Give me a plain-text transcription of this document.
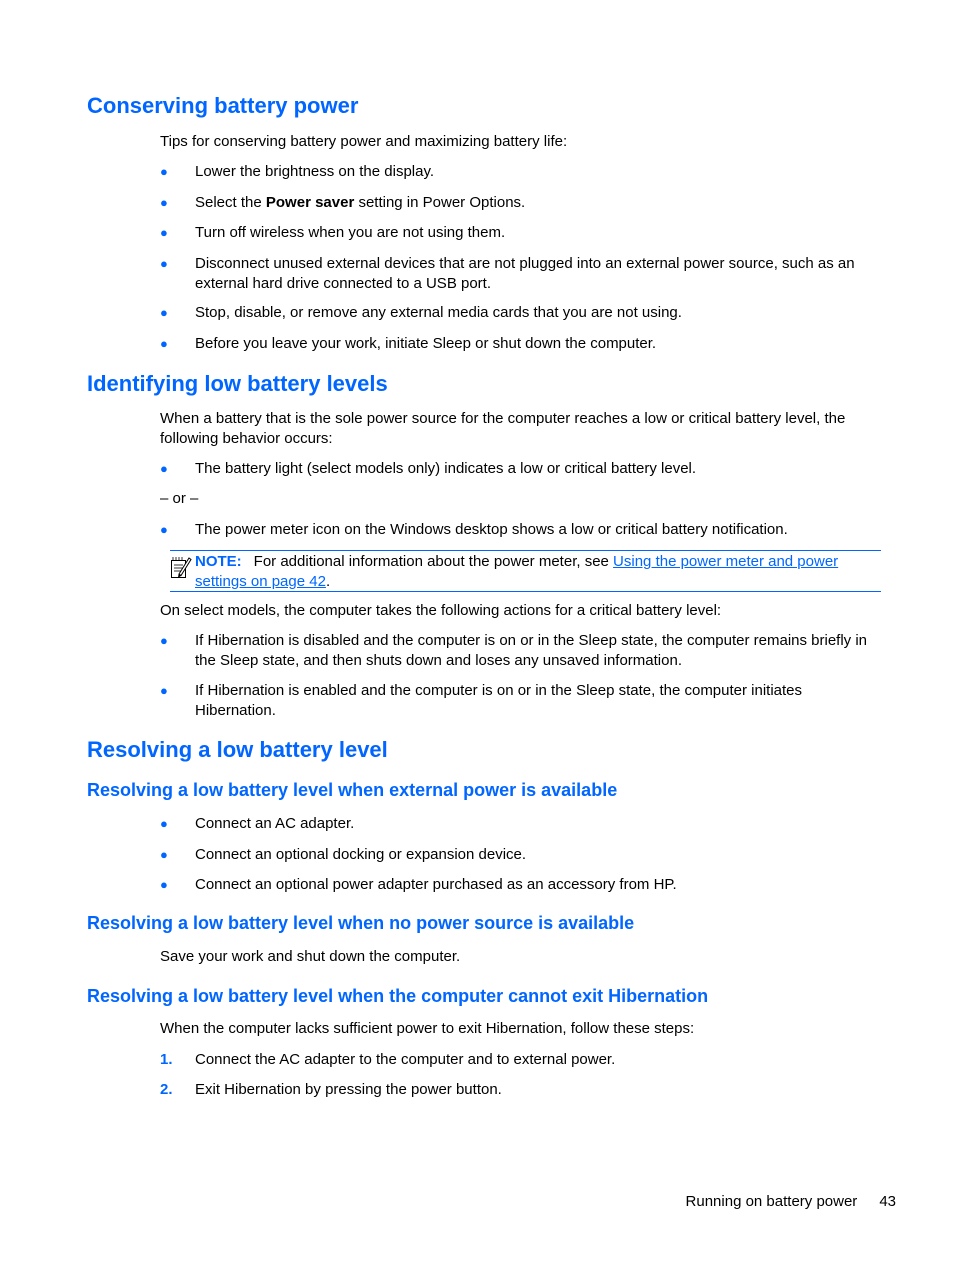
Conserving battery power

Tips for conserving battery power and maximizing battery life:

●	Lower the brightness on the display.
●	Select the Power saver setting in Power Options.
●	Turn off wireless when you are not using them.
●	Disconnect unused external devices that are not plugged into an external power source, such as an external hard drive connected to a USB port.
●	Stop, disable, or remove any external media cards that you are not using.
●	Before you leave your work, initiate Sleep or shut down the computer.
Identifying low battery levels

When a battery that is the sole power source for the computer reaches a low or critical battery level, the following behavior occurs:

●	The battery light (select models only) indicates a low or critical battery level.

– or –

●	The power meter icon on the Windows desktop shows a low or critical battery notification.
NOTE: For additional information about the power meter, see Using the power meter and power settings on page 42.

On select models, the computer takes the following actions for a critical battery level:

●	If Hibernation is disabled and the computer is on or in the Sleep state, the computer remains briefly in the Sleep state, and then shuts down and loses any unsaved information.
●	If Hibernation is enabled and the computer is on or in the Sleep state, the computer initiates Hibernation.
Resolving a low battery level
Resolving a low battery level when external power is available
●	Connect an AC adapter.
●	Connect an optional docking or expansion device.
●	Connect an optional power adapter purchased as an accessory from HP.
Resolving a low battery level when no power source is available

Save your work and shut down the computer.

Resolving a low battery level when the computer cannot exit Hibernation

When the computer lacks sufficient power to exit Hibernation, follow these steps:

1.	Connect the AC adapter to the computer and to external power.
2.	Exit Hibernation by pressing the power button.
Running on battery power 43
